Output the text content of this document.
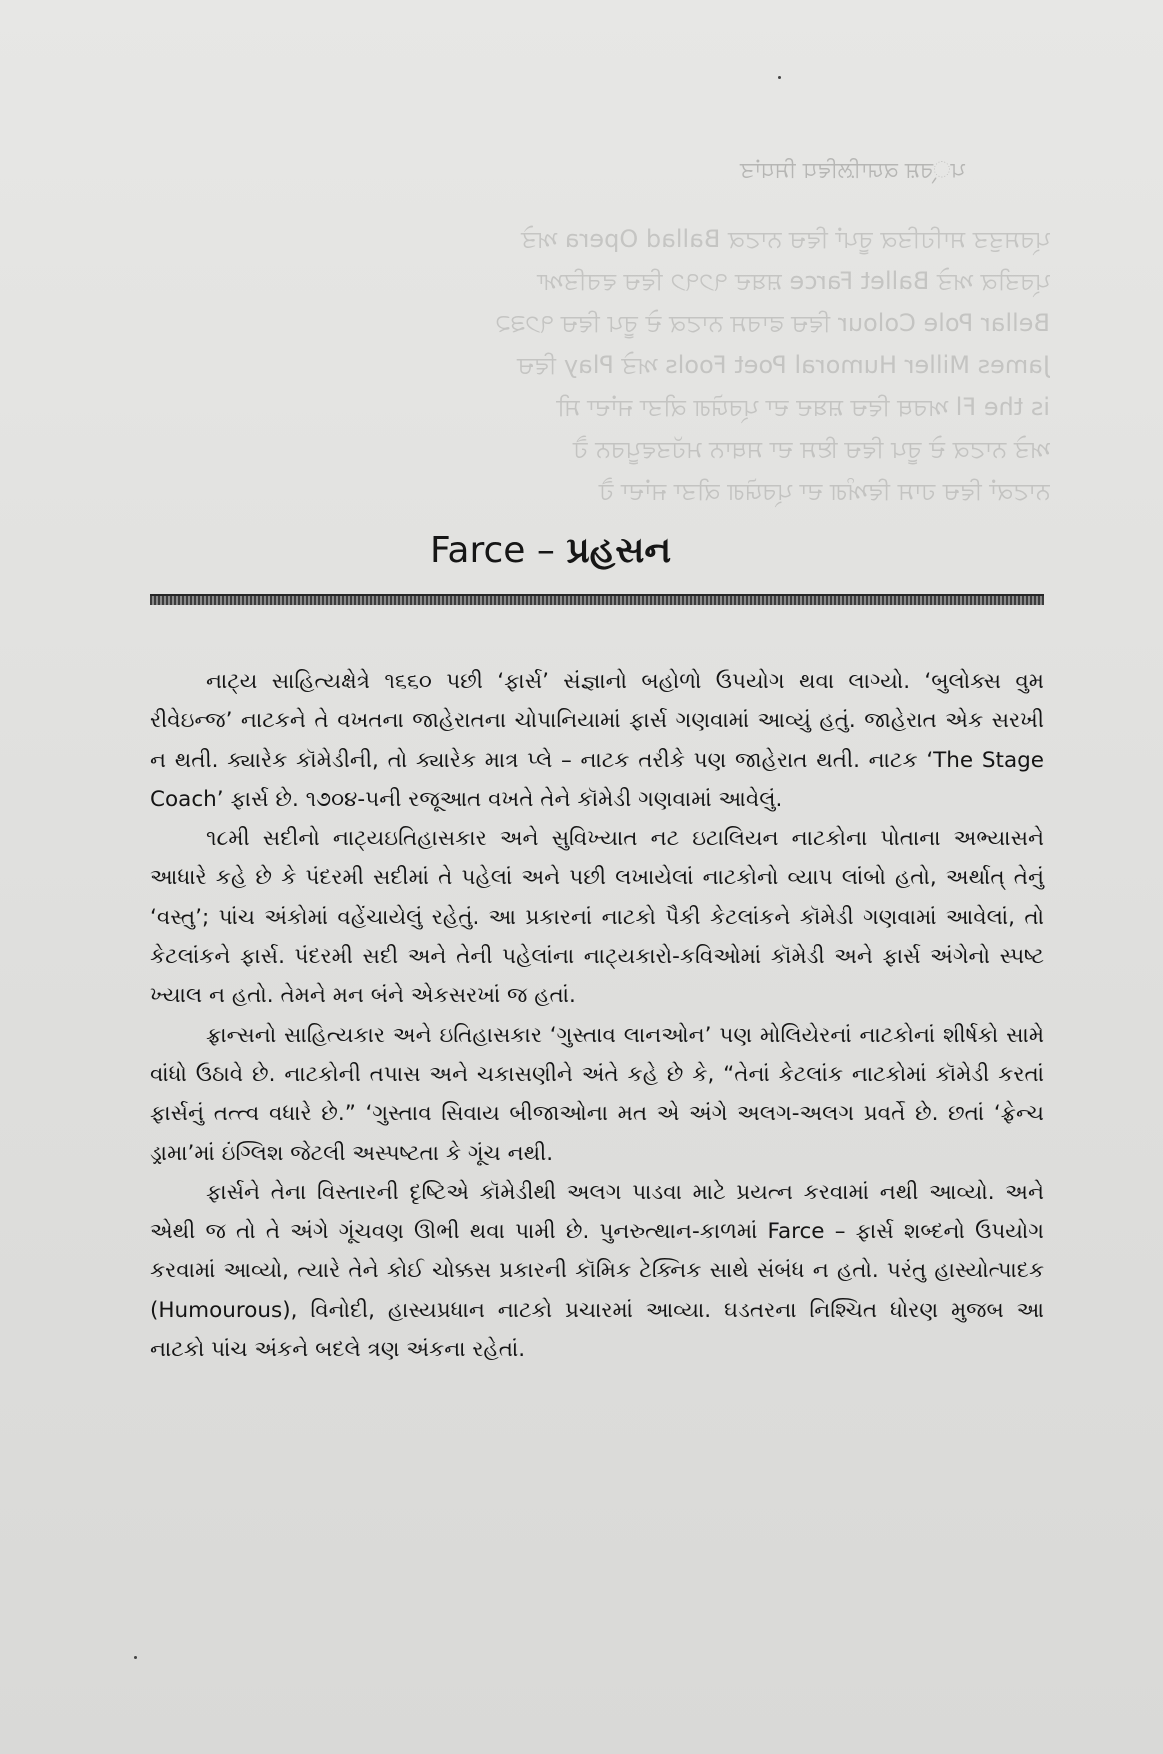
ਪ્ਰਸ਼ ਕਯਾਲ਼ਿਵਿਧ ਸਿਧਾਂਤ
ਪ੍ਰਸਤੁਤ ਸਾਹਿਤਿਕ ਰੂਪਾਂ ਵਿਚ ਨਾਟਕ Ballad Opera ਅਤੇ
ਪ੍ਰਤੀਕ ਅਤੇ Ballet Farce ਸ਼ਬਦ ੧੭੧੭ ਵਿਚ ਵਰਤਿਆ
Bellar Pole Colour ਵਿਚ ਫਾਰਸ ਨਾਟਕ ਦੇ ਰੂਪ ਵਿਚ ੧੭੩੨
James Miller Humoral Poet Fools ਅਤੇ Play ਵਿਚ
is the Fl ਅਰਥ ਵਿਚ ਸ਼ਬਦ ਦਾ ਪ੍ਰਯੋਗ ਕੀਤਾ ਜਾਂਦਾ ਸੀ
ਅਤੇ ਨਾਟਕ ਦੇ ਰੂਪ ਵਿਚ ਇਸ ਦਾ ਸਥਾਨ ਮਹੱਤਵਪੂਰਨ ਹੈ
ਨਾਟਕਾਂ ਵਿਚ ਹਾਸ ਵਿਅੰਗ ਦਾ ਪ੍ਰਯੋਗ ਕੀਤਾ ਜਾਂਦਾ ਹੈ
Farce – પ્રહસન

નાટ્ય સાહિત્યક્ષેત્રે ૧૬૬૦ પછી ‘ફાર્સ’ સંજ્ઞાનો બહોળો ઉપયોગ થવા લાગ્યો. ‘બુલોક્સ વુમ રીવેઇન્જ’ નાટકને તે વખતના જાહેરાતના ચોપાનિયામાં ફાર્સ ગણવામાં આવ્યું હતું. જાહેરાત એક સરખી ન થતી. ક્યારેક કૉમેડીની, તો ક્યારેક માત્ર પ્લે – નાટક તરીકે પણ જાહેરાત થતી. નાટક ‘The Stage Coach’ ફાર્સ છે. ૧૭૦૪-૫ની રજૂઆત વખતે તેને કૉમેડી ગણવામાં આવેલું.

૧૮મી સદીનો નાટ્યઇતિહાસકાર અને સુવિખ્યાત નટ ઇટાલિયન નાટકોના પોતાના અભ્યાસને આધારે કહે છે કે પંદરમી સદીમાં તે પહેલાં અને પછી લખાયેલાં નાટકોનો વ્યાપ લાંબો હતો, અર્થાત્ તેનું ‘વસ્તુ’; પાંચ અંકોમાં વહેંચાયેલું રહેતું. આ પ્રકારનાં નાટકો પૈકી કેટલાંકને કૉમેડી ગણવામાં આવેલાં, તો કેટલાંકને ફાર્સ. પંદરમી સદી અને તેની પહેલાંના નાટ્યકારો-કવિઓમાં કૉમેડી અને ફાર્સ અંગેનો સ્પષ્ટ ખ્યાલ ન હતો. તેમને મન બંને એકસરખાં જ હતાં.

ફ્રાન્સનો સાહિત્યકાર અને ઇતિહાસકાર ‘ગુસ્તાવ લાનઓન’ પણ મોલિયેરનાં નાટકોનાં શીર્ષકો સામે વાંધો ઉઠાવે છે. નાટકોની તપાસ અને ચકાસણીને અંતે કહે છે કે, “તેનાં કેટલાંક નાટકોમાં કૉમેડી કરતાં ફાર્સનું તત્ત્વ વધારે છે.” ‘ગુસ્તાવ સિવાય બીજાઓના મત એ અંગે અલગ-અલગ પ્રવર્તે છે. છતાં ‘ફ્રેન્ચ ડ્રામા’માં ઇંગ્લિશ જેટલી અસ્પષ્ટતા કે ગૂંચ નથી.

ફાર્સને તેના વિસ્તારની દૃષ્ટિએ કૉમેડીથી અલગ પાડવા માટે પ્રયત્ન કરવામાં નથી આવ્યો. અને એથી જ તો તે અંગે ગૂંચવણ ઊભી થવા પામી છે. પુનરુત્થાન-કાળમાં Farce – ફાર્સ શબ્દનો ઉપયોગ કરવામાં આવ્યો, ત્યારે તેને કોઈ ચોક્કસ પ્રકારની કૉમિક ટેક્નિક સાથે સંબંધ ન હતો. પરંતુ હાસ્યોત્પાદક (Humourous), વિનોદી, હાસ્યપ્રધાન નાટકો પ્રચારમાં આવ્યા. ઘડતરના નિશ્ચિત ધોરણ મુજબ આ નાટકો પાંચ અંકને બદલે ત્રણ અંકના રહેતાં.
